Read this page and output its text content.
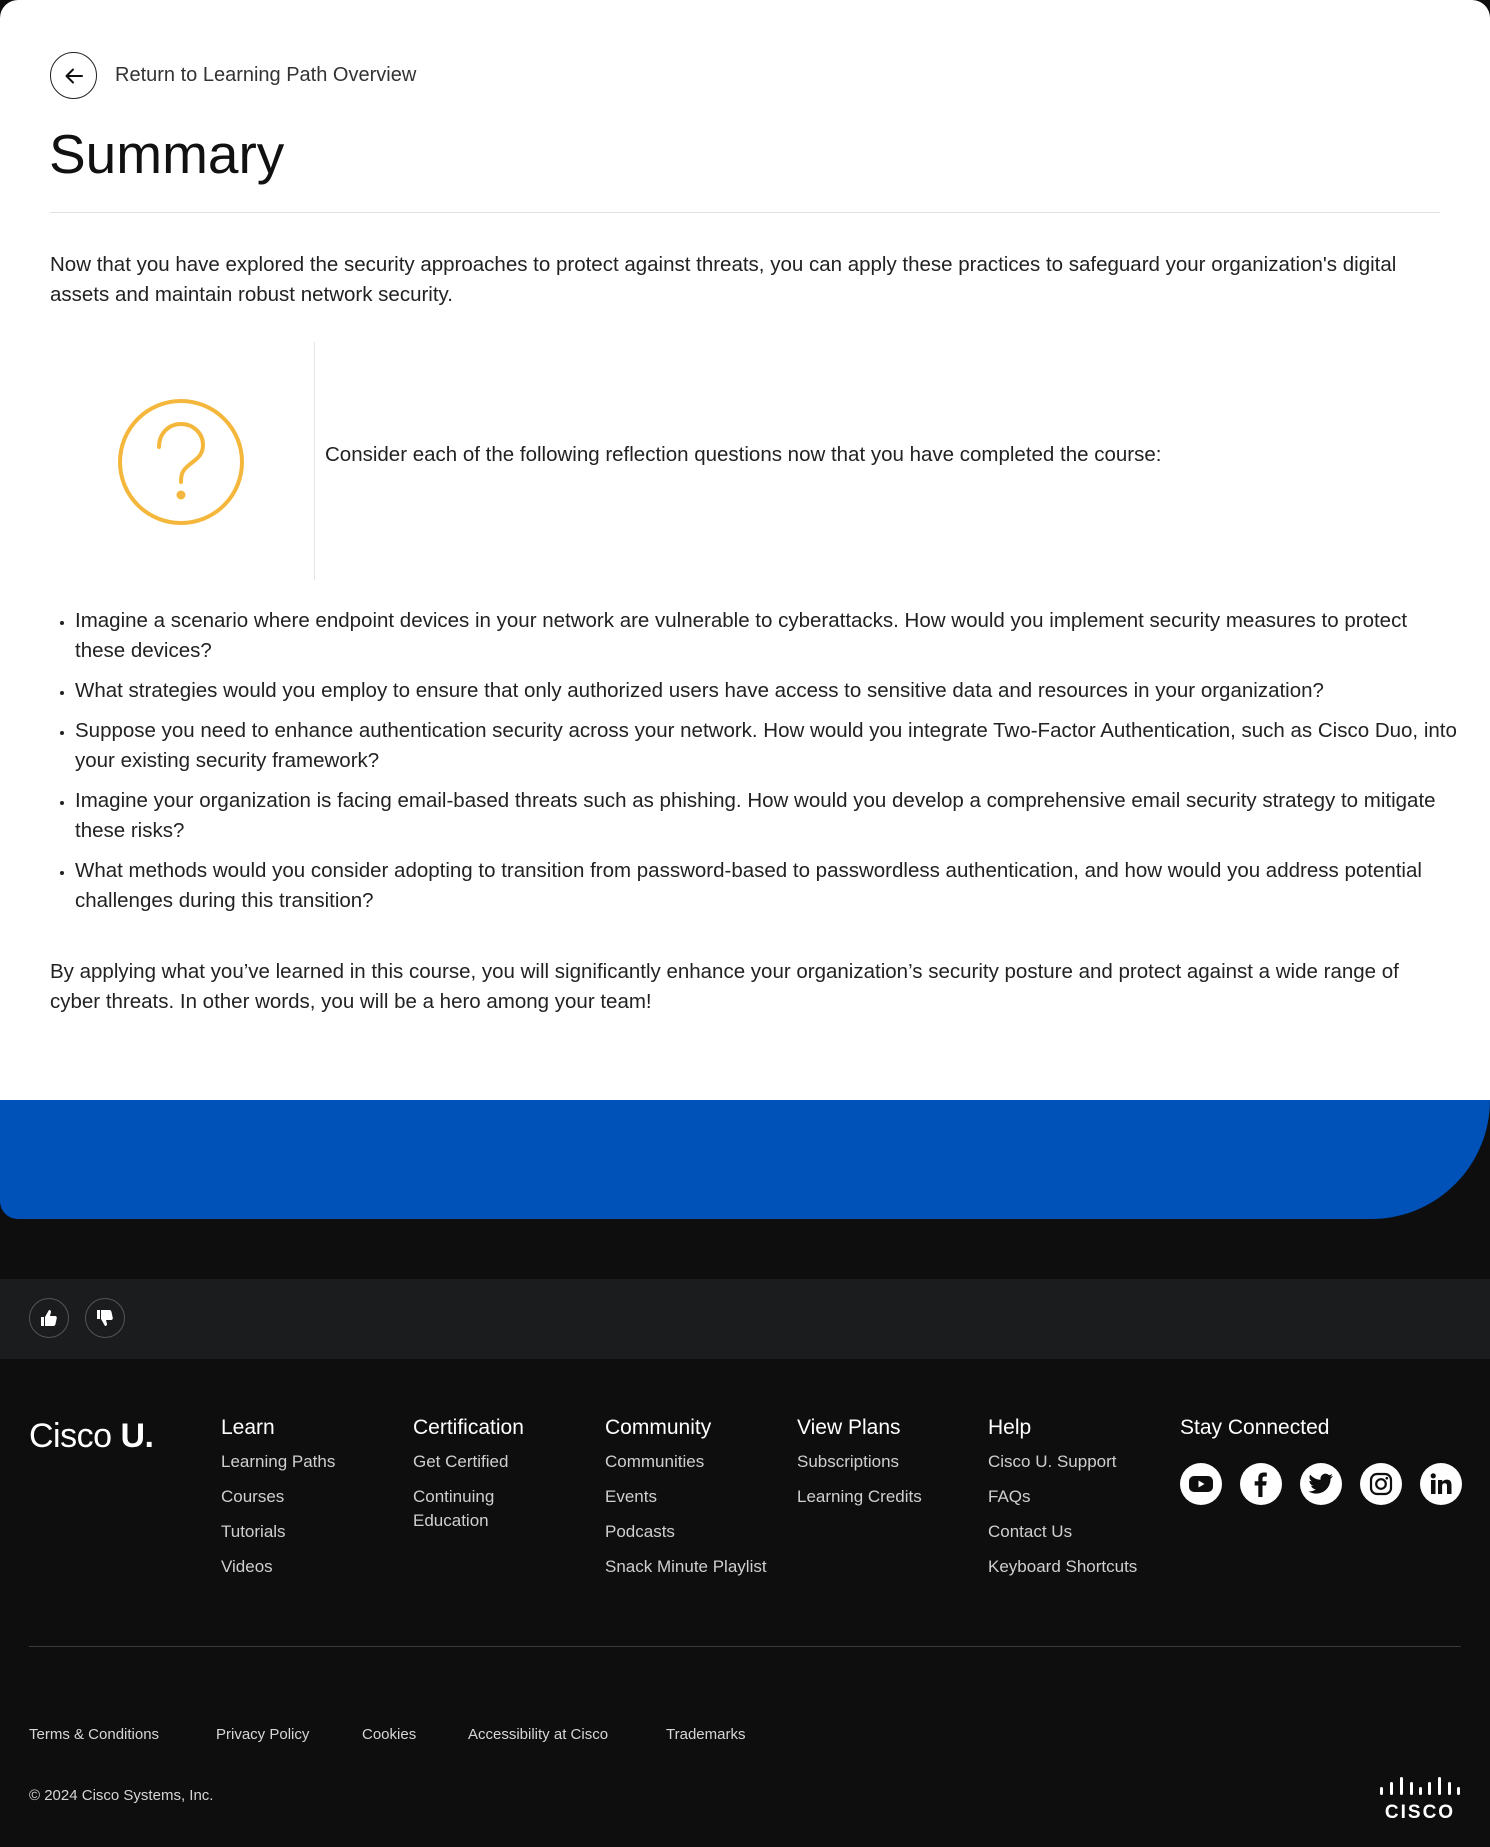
Return to Learning Path Overview
Summary

Now that you have explored the security approaches to protect against threats, you can apply these practices to safeguard your organization's digital assets and maintain robust network security.

Consider each of the following reflection questions now that you have completed the course:
• Imagine a scenario where endpoint devices in your network are vulnerable to cyberattacks. How would you implement security measures to protect these devices?
• What strategies would you employ to ensure that only authorized users have access to sensitive data and resources in your organization?
• Suppose you need to enhance authentication security across your network. How would you integrate Two-Factor Authentication, such as Cisco Duo, into your existing security framework?
• Imagine your organization is facing email-based threats such as phishing. How would you develop a comprehensive email security strategy to mitigate these risks?
• What methods would you consider adopting to transition from password-based to passwordless authentication, and how would you address potential challenges during this transition?

By applying what you’ve learned in this course, you will significantly enhance your organization’s security posture and protect against a wide range of cyber threats. In other words, you will be a hero among your team!

Cisco U.	Learn
Learning Paths
Courses
Tutorials
Videos
Certification
Get Certified
Continuing Education
Community
Communities
Events
Podcasts
Snack Minute Playlist
View Plans
Subscriptions
Learning Credits
Help
Cisco U. Support
FAQs
Contact Us
Keyboard Shortcuts
Stay Connected
Terms & Conditions	Privacy Policy	Cookies	Accessibility at Cisco	Trademarks
© 2024 Cisco Systems, Inc.
CISCO
